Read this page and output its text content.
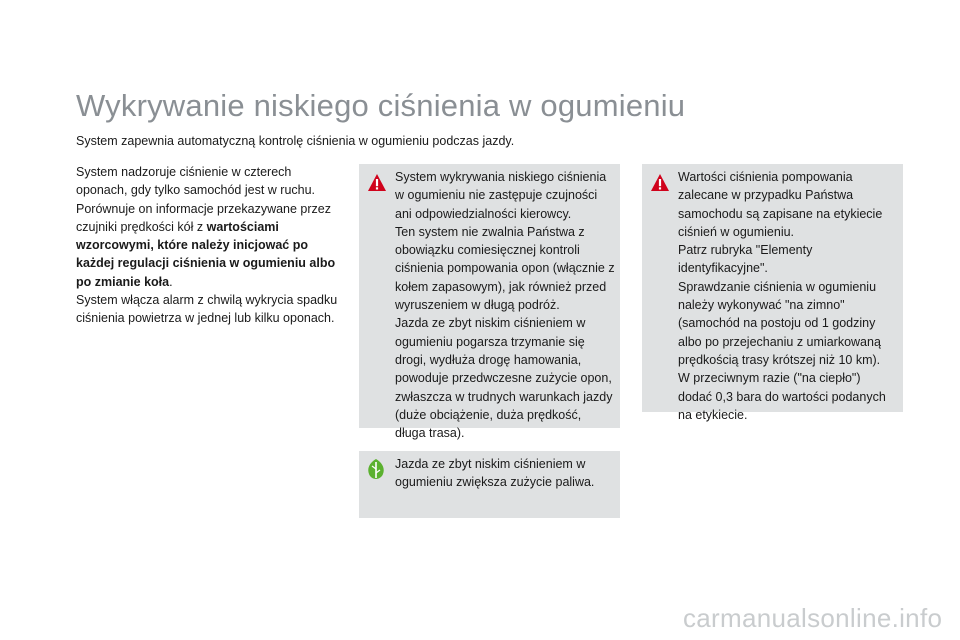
Wykrywanie niskiego ciśnienia w ogumieniu
System zapewnia automatyczną kontrolę ciśnienia w ogumieniu podczas jazdy.

System nadzoruje ciśnienie w czterech oponach, gdy tylko samochód jest w ruchu.

Porównuje on informacje przekazywane przez czujniki prędkości kół z wartościami wzorcowymi, które należy inicjować po każdej regulacji ciśnienia w ogumieniu albo po zmianie koła.

System włącza alarm z chwilą wykrycia spadku ciśnienia powietrza w jednej lub kilku oponach.

System wykrywania niskiego ciśnienia w ogumieniu nie zastępuje czujności ani odpowiedzialności kierowcy.

Ten system nie zwalnia Państwa z obowiązku comiesięcznej kontroli ciśnienia pompowania opon (włącznie z kołem zapasowym), jak również przed wyruszeniem w długą podróż.

Jazda ze zbyt niskim ciśnieniem w ogumieniu pogarsza trzymanie się drogi, wydłuża drogę hamowania, powoduje przedwczesne zużycie opon, zwłaszcza w trudnych warunkach jazdy (duże obciążenie, duża prędkość, długa trasa).

Jazda ze zbyt niskim ciśnieniem w ogumieniu zwiększa zużycie paliwa.

Wartości ciśnienia pompowania zalecane w przypadku Państwa samochodu są zapisane na etykiecie ciśnień w ogumieniu.

Patrz rubryka "Elementy identyfikacyjne".

Sprawdzanie ciśnienia w ogumieniu należy wykonywać "na zimno" (samochód na postoju od 1 godziny albo po przejechaniu z umiarkowaną prędkością trasy krótszej niż 10 km).

W przeciwnym razie ("na ciepło") dodać 0,3 bara do wartości podanych na etykiecie.

carmanualsonline.info
